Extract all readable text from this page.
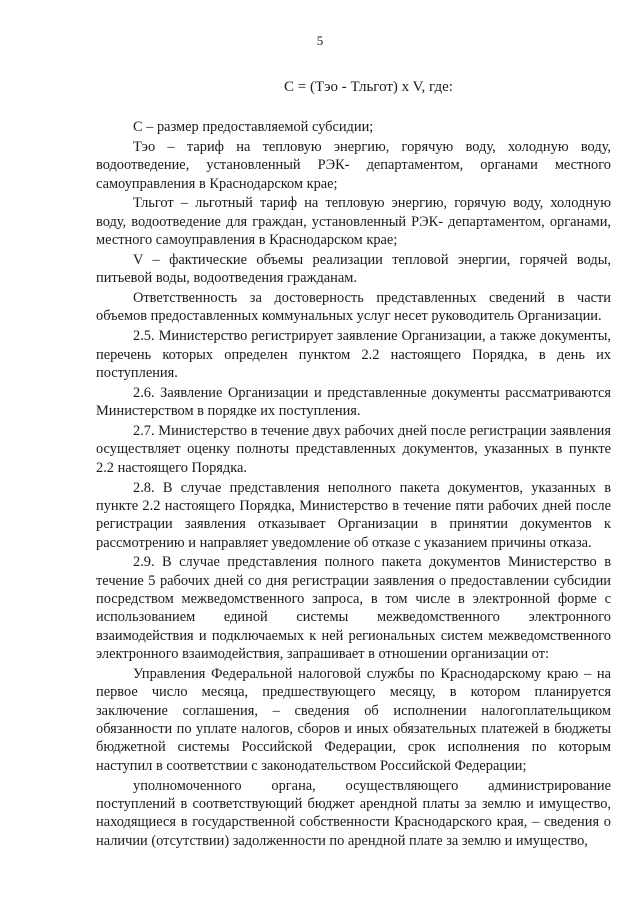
5
C = (Тэо - Тльгот) x V, где:

C – размер предоставляемой субсидии;

Тэо – тариф на тепловую энергию, горячую воду, холодную воду, водоотведение, установленный РЭК- департаментом, органами местного самоуправления в Краснодарском крае;

Тльгот – льготный тариф на тепловую энергию, горячую воду, холодную воду, водоотведение для граждан, установленный РЭК- департаментом, органами, местного самоуправления в Краснодарском крае;

V – фактические объемы реализации тепловой энергии, горячей воды, питьевой воды, водоотведения гражданам.

Ответственность за достоверность представленных сведений в части объемов предоставленных коммунальных услуг несет руководитель Организации.

2.5. Министерство регистрирует заявление Организации, а также документы, перечень которых определен пунктом 2.2 настоящего Порядка, в день их поступления.

2.6. Заявление Организации и представленные документы рассматриваются Министерством в порядке их поступления.

2.7. Министерство в течение двух рабочих дней после регистрации заявления осуществляет оценку полноты представленных документов, указанных в пункте 2.2 настоящего Порядка.

2.8. В случае представления неполного пакета документов, указанных в пункте 2.2 настоящего Порядка, Министерство в течение пяти рабочих дней после регистрации заявления отказывает Организации в принятии документов к рассмотрению и направляет уведомление об отказе с указанием причины отказа.

2.9. В случае представления полного пакета документов Министерство в течение 5 рабочих дней со дня регистрации заявления о предоставлении субсидии посредством межведомственного запроса, в том числе в электронной форме с использованием единой системы межведомственного электронного взаимодействия и подключаемых к ней региональных систем межведомственного электронного взаимодействия, запрашивает в отношении организации от:

Управления Федеральной налоговой службы по Краснодарскому краю – на первое число месяца, предшествующего месяцу, в котором планируется заключение соглашения, – сведения об исполнении налогоплательщиком обязанности по уплате налогов, сборов и иных обязательных платежей в бюджеты бюджетной системы Российской Федерации, срок исполнения по которым наступил в соответствии с законодательством Российской Федерации;

уполномоченного органа, осуществляющего администрирование поступлений в соответствующий бюджет арендной платы за землю и имущество, находящиеся в государственной собственности Краснодарского края, – сведения о наличии (отсутствии) задолженности по арендной плате за землю и имущество,
